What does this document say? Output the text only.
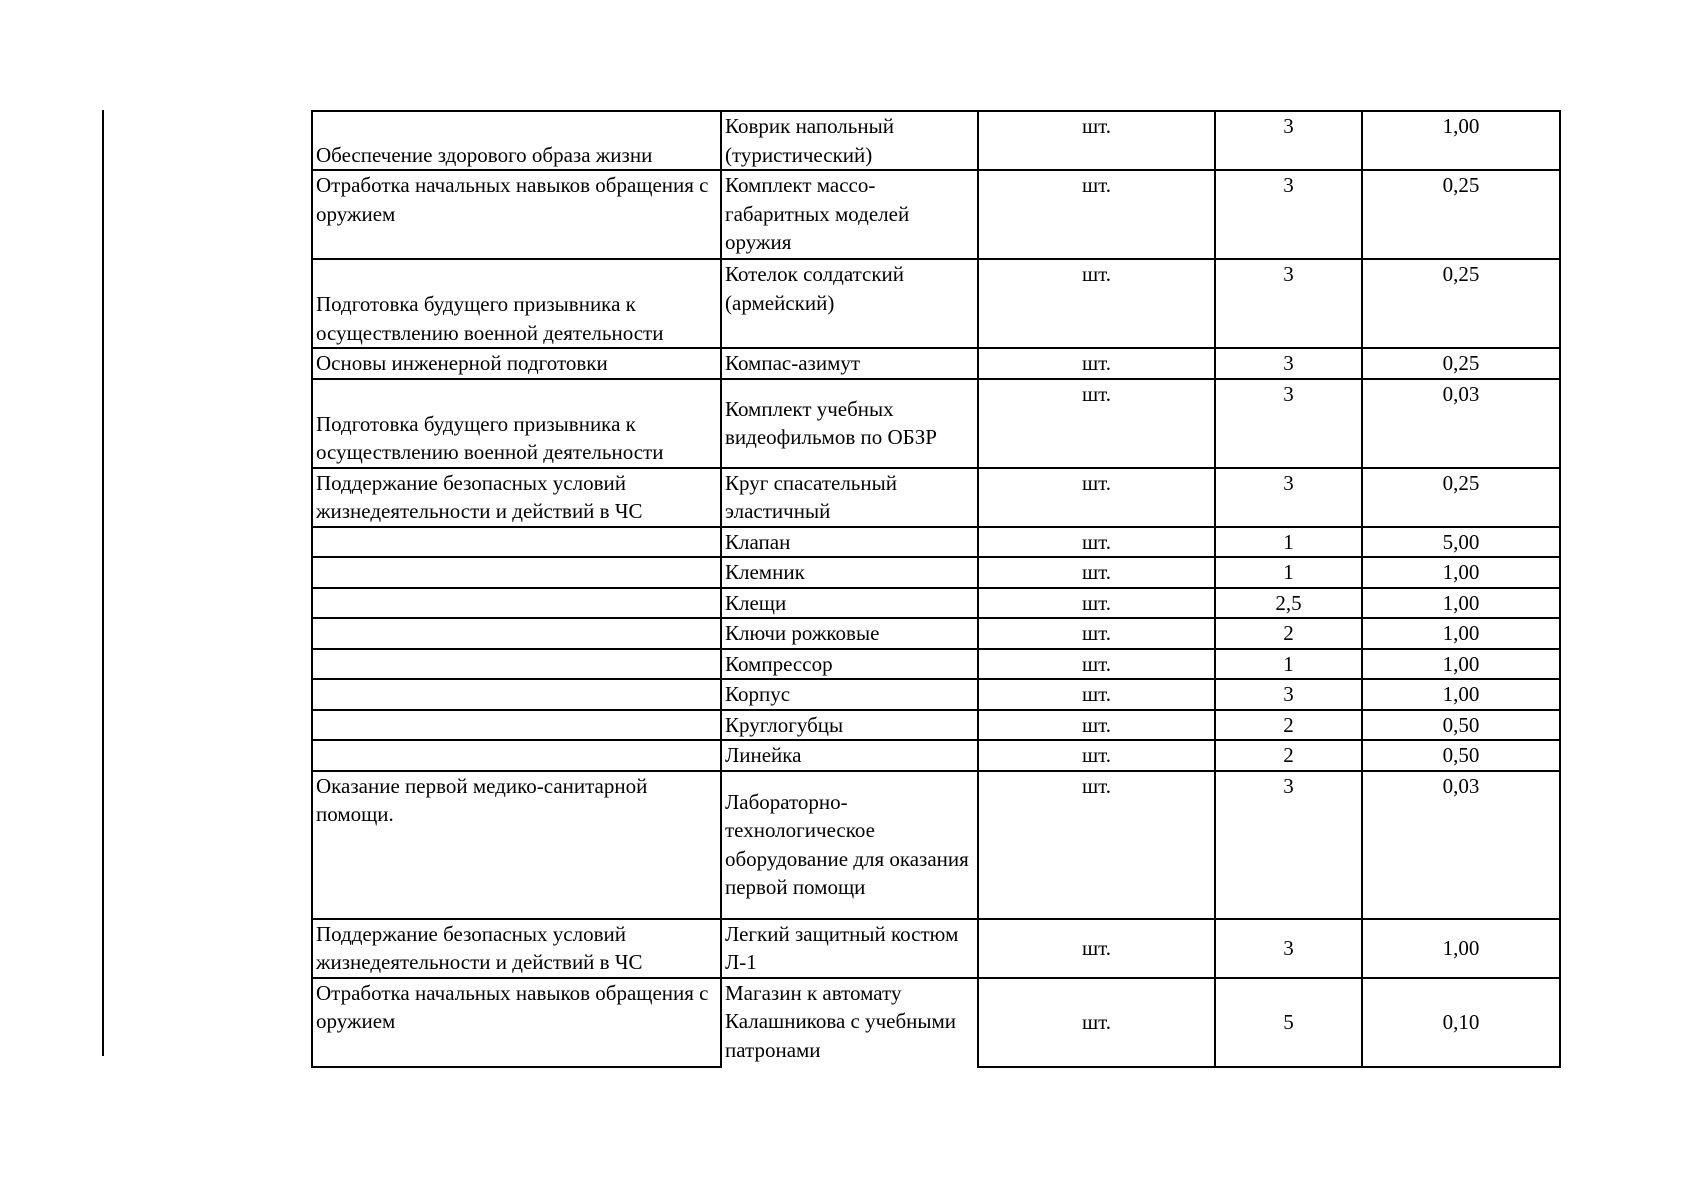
Обеспечение здорового образа жизни	Коврик напольный (туристический)	шт.	3	1,00
Отработка начальных навыков обращения с оружием	Комплект массо-габаритных моделей оружия	шт.	3	0,25
Подготовка будущего призывника к осуществлению военной деятельности	Котелок солдатский (армейский)	шт.	3	0,25
Основы инженерной подготовки	Компас-азимут	шт.	3	0,25
Подготовка будущего призывника к осуществлению военной деятельности	Комплект учебных видеофильмов по ОБЗР	шт.	3	0,03
Поддержание безопасных условий жизнедеятельности и действий в ЧС	Круг спасательный эластичный	шт.	3	0,25
	Клапан	шт.	1	5,00
	Клемник	шт.	1	1,00
	Клещи	шт.	2,5	1,00
	Ключи рожковые	шт.	2	1,00
	Компрессор	шт.	1	1,00
	Корпус	шт.	3	1,00
	Круглогубцы	шт.	2	0,50
	Линейка	шт.	2	0,50
Оказание первой медико-санитарной помощи.	Лабораторно-технологическое оборудование для оказания первой помощи	шт.	3	0,03
Поддержание безопасных условий жизнедеятельности и действий в ЧС	Легкий защитный костюм Л-1	шт.	3	1,00
Отработка начальных навыков обращения с оружием	Магазин к автомату Калашникова с учебными патронами	шт.	5	0,10
